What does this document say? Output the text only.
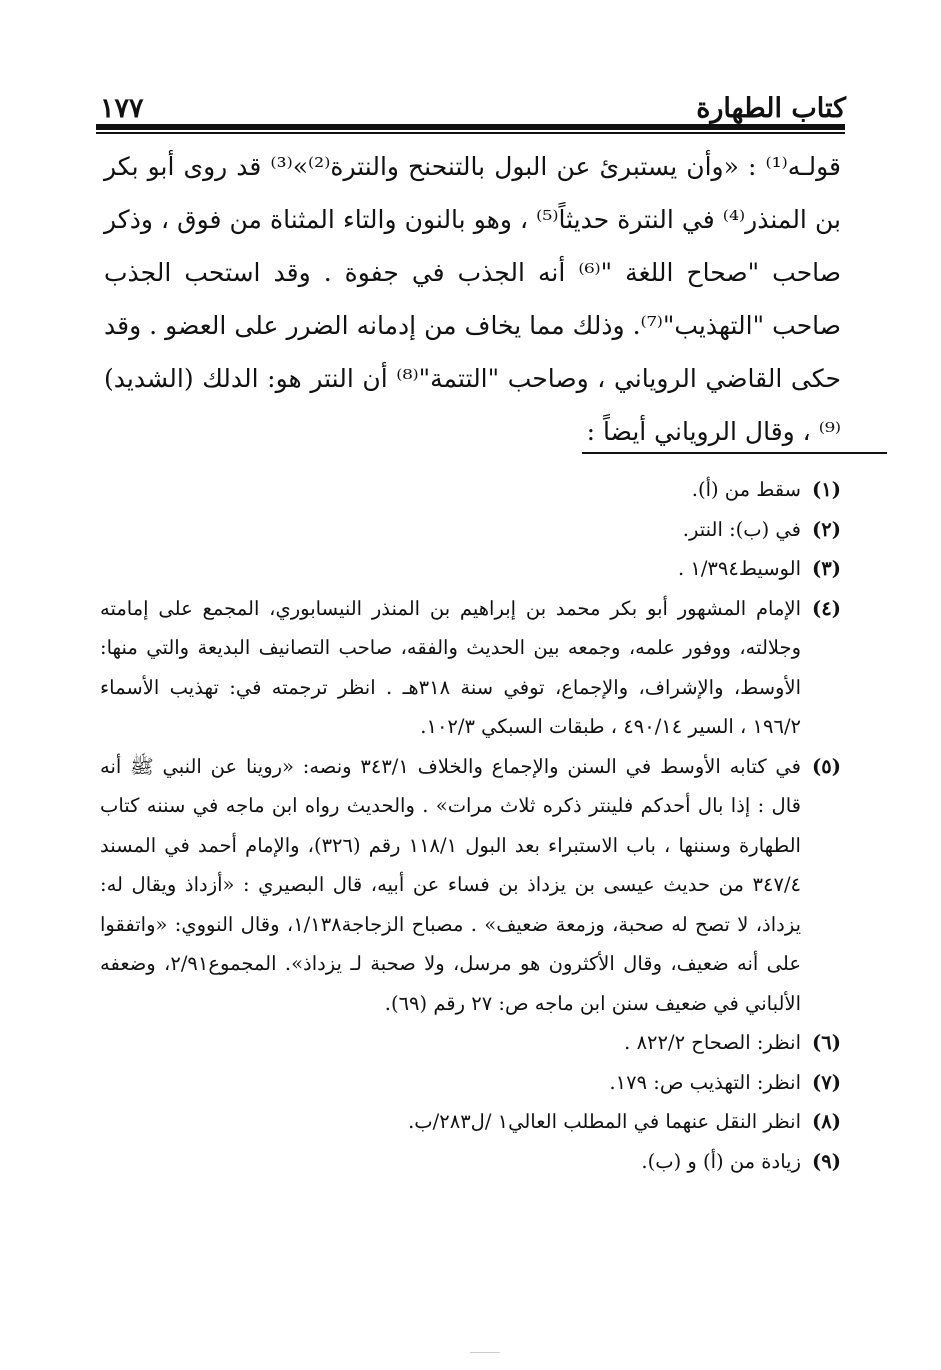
كتاب الطهارة
١٧٧

قولـه⁽¹⁾ : «وأن يستبرئ عن البول بالتنحنح والنترة⁽²⁾»⁽³⁾ قد روى أبو بكر بن المنذر⁽⁴⁾ في النترة حديثاً⁽⁵⁾ ، وهو بالنون والتاء المثناة من فوق ، وذكر صاحب "صحاح اللغة "⁽⁶⁾ أنه الجذب في جفوة . وقد استحب الجذب صاحب "التهذيب"⁽⁷⁾. وذلك مما يخاف من إدمانه الضرر على العضو . وقد حكى القاضي الروياني ، وصاحب "التتمة"⁽⁸⁾ أن النتر هو: الدلك (الشديد)⁽⁹⁾ ، وقال الروياني أيضاً :

(١)
سقط من (أ).
(٢)
في (ب): النتر.
(٣)
الوسيط١/٣٩٤ .
(٤)
الإمام المشهور أبو بكر محمد بن إبراهيم بن المنذر النيسابوري، المجمع على إمامته وجلالته، ووفور علمه، وجمعه بين الحديث والفقه، صاحب التصانيف البديعة والتي منها: الأوسط، والإشراف، والإجماع، توفي سنة ٣١٨هـ . انظر ترجمته في: تهذيب الأسماء ١٩٦/٢ ، السير ٤٩٠/١٤ ، طبقات السبكي ١٠٢/٣.
(٥)
في كتابه الأوسط في السنن والإجماع والخلاف ٣٤٣/١ ونصه: «روينا عن النبي ﷺ أنه قال : إذا بال أحدكم فلينتر ذكره ثلاث مرات» . والحديث رواه ابن ماجه في سننه كتاب الطهارة وسننها ، باب الاستبراء بعد البول ١١٨/١ رقم (٣٢٦)، والإمام أحمد في المسند ٣٤٧/٤ من حديث عيسى بن يزداذ بن فساء عن أبيه، قال البصيري : «أزداذ ويقال له: يزداذ، لا تصح له صحبة، وزمعة ضعيف» . مصباح الزجاجة١/١٣٨، وقال النووي: «واتفقوا على أنه ضعيف، وقال الأكثرون هو مرسل، ولا صحبة لـ يزداذ». المجموع٢/٩١، وضعفه الألباني في ضعيف سنن ابن ماجه ص: ٢٧ رقم (٦٩).
(٦)
انظر: الصحاح ٨٢٢/٢ .
(٧)
انظر: التهذيب ص: ١٧٩.
(٨)
انظر النقل عنهما في المطلب العالي١ /ل٢٨٣/ب.
(٩)
زيادة من (أ) و (ب).
